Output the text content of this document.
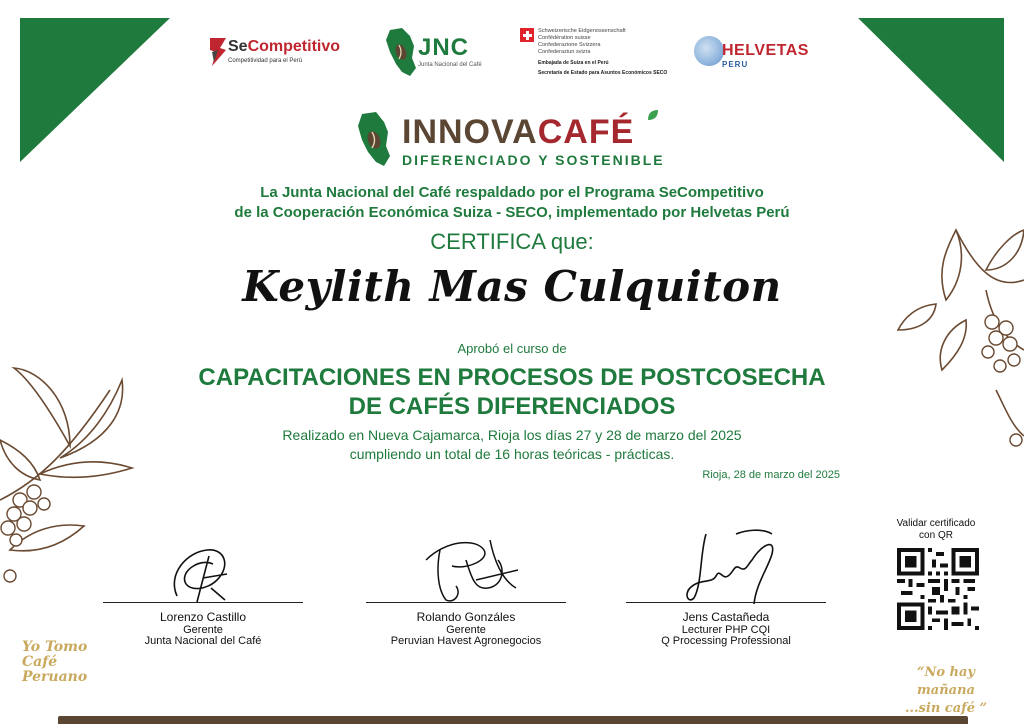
SeCompetitivo
Competitividad para el Perú	JNC
Junta Nacional del Café
Schweizerische Eidgenossenschaft
Confédération suisse
Confederazione Svizzera
Confederaziun svizra
Embajada de Suiza en el Perú
Secretaría de Estado para Asuntos Económicos SECO
HELVETAS
PERU
INNOVACAFÉ
DIFERENCIADO Y SOSTENIBLE
La Junta Nacional del Café respaldado por el Programa SeCompetitivo
de la Cooperación Económica Suiza - SECO, implementado por Helvetas Perú
CERTIFICA que:
Keylith Mas Culquiton
Aprobó el curso de
CAPACITACIONES EN PROCESOS DE POSTCOSECHA
DE CAFÉS DIFERENCIADOS
Realizado en Nueva Cajamarca, Rioja los días 27 y 28 de marzo del 2025
cumpliendo un total de 16 horas teóricas - prácticas.
Rioja, 28 de marzo del 2025
Validar certificado
con QR
Lorenzo Castillo
Gerente
Junta Nacional del Café
Rolando Gonzáles
Gerente
Peruvian Havest Agronegocios
Jens Castañeda
Lecturer PHP CQI
Q Processing Professional
Yo Tomo
Café
Peruano	“No hay mañana
...sin café ”
